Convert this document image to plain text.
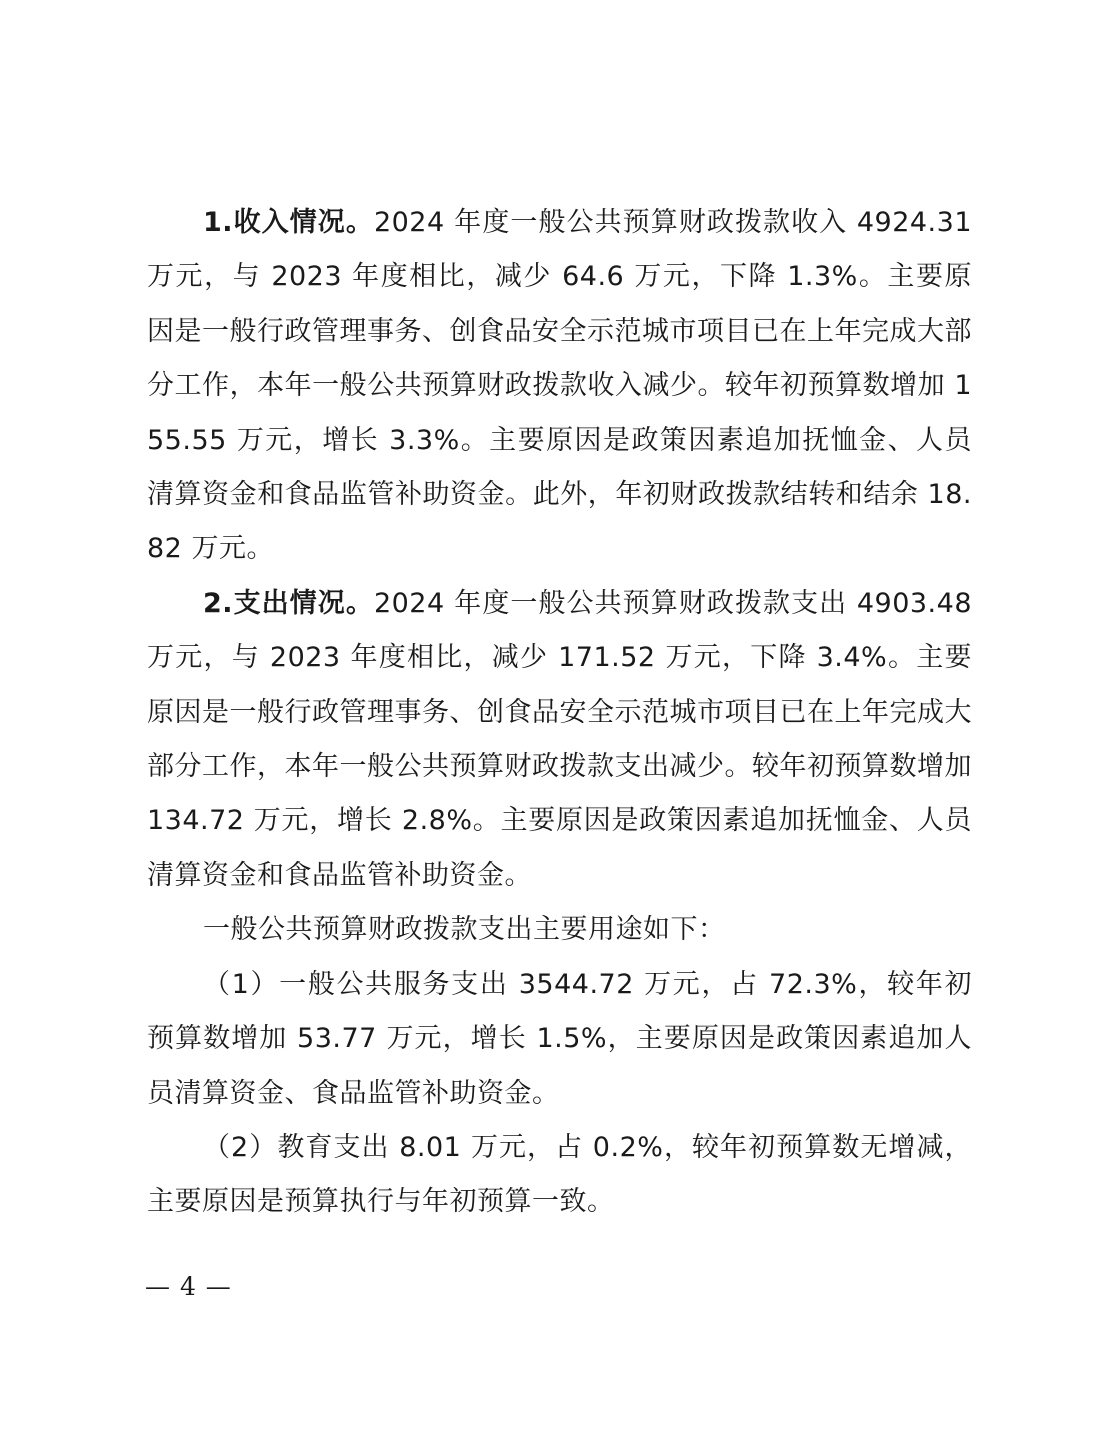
1.收入情况。2024 年度一般公共预算财政拨款收入 4924.31 万元，与 2023 年度相比，减少 64.6 万元，下降 1.3%。主要原因是一般行政管理事务、创食品安全示范城市项目已在上年完成大部分工作，本年一般公共预算财政拨款收入减少。较年初预算数增加 155.55 万元，增长 3.3%。主要原因是政策因素追加抚恤金、人员清算资金和食品监管补助资金。此外，年初财政拨款结转和结余 18.82 万元。

2.支出情况。2024 年度一般公共预算财政拨款支出 4903.48 万元，与 2023 年度相比，减少 171.52 万元，下降 3.4%。主要原因是一般行政管理事务、创食品安全示范城市项目已在上年完成大部分工作，本年一般公共预算财政拨款支出减少。较年初预算数增加 134.72 万元，增长 2.8%。主要原因是政策因素追加抚恤金、人员清算资金和食品监管补助资金。

一般公共预算财政拨款支出主要用途如下：

（1）一般公共服务支出 3544.72 万元，占 72.3%，较年初预算数增加 53.77 万元，增长 1.5%，主要原因是政策因素追加人员清算资金、食品监管补助资金。

（2）教育支出 8.01 万元，占 0.2%，较年初预算数无增减，主要原因是预算执行与年初预算一致。

— 4 —
